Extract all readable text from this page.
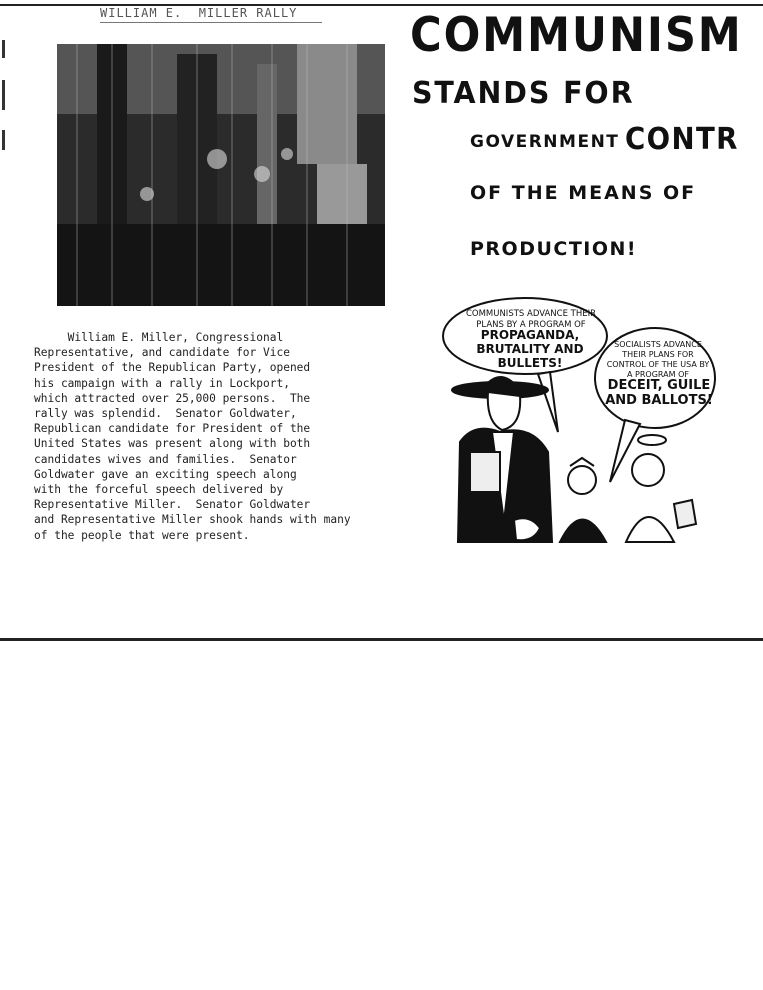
WILLIAM E.  MILLER RALLY
William E. Miller, Congressional
Representative, and candidate for Vice
President of the Republican Party, opened
his campaign with a rally in Lockport,
which attracted over 25,000 persons.  The
rally was splendid.  Senator Goldwater,
Republican candidate for President of the
United States was present along with both
candidates wives and families.  Senator
Goldwater gave an exciting speech along
with the forceful speech delivered by
Representative Miller.  Senator Goldwater
and Representative Miller shook hands with many
of the people that were present.
COMMUNISM
STANDS FOR
GOVERNMENT CONTR
OF THE MEANS OF
PRODUCTION!
COMMUNISTS ADVANCE THEIR PLANS BY A PROGRAM OF
PROPAGANDA, BRUTALITY AND BULLETS!
SOCIALISTS ADVANCE THEIR PLANS FOR CONTROL OF THE USA BY A PROGRAM OF
DECEIT, GUILE AND BALLOTS!
